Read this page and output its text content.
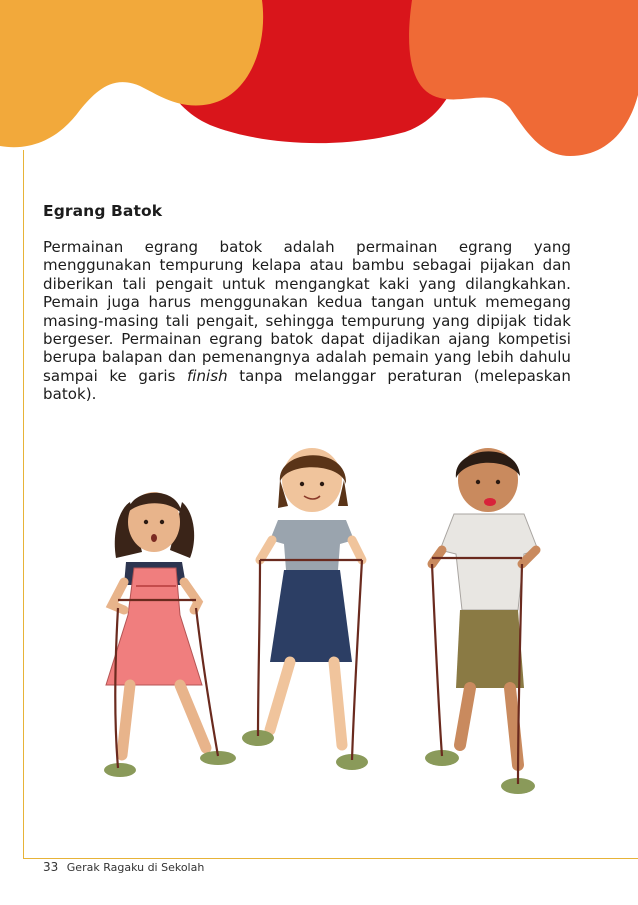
Egrang Batok

Permainan egrang batok adalah permainan egrang yang menggunakan tempurung kelapa atau bambu sebagai pijakan dan diberikan tali pengait untuk mengangkat kaki yang dilangkahkan. Pemain juga harus menggunakan kedua tangan untuk memegang masing-masing tali pengait, sehingga tempurung yang dipijak tidak bergeser. Permainan egrang batok dapat dijadikan ajang kompetisi berupa balapan dan pemenangnya adalah pemain yang lebih dahulu sampai ke garis finish tanpa melanggar peraturan (melepaskan batok).

33 Gerak Ragaku di Sekolah
